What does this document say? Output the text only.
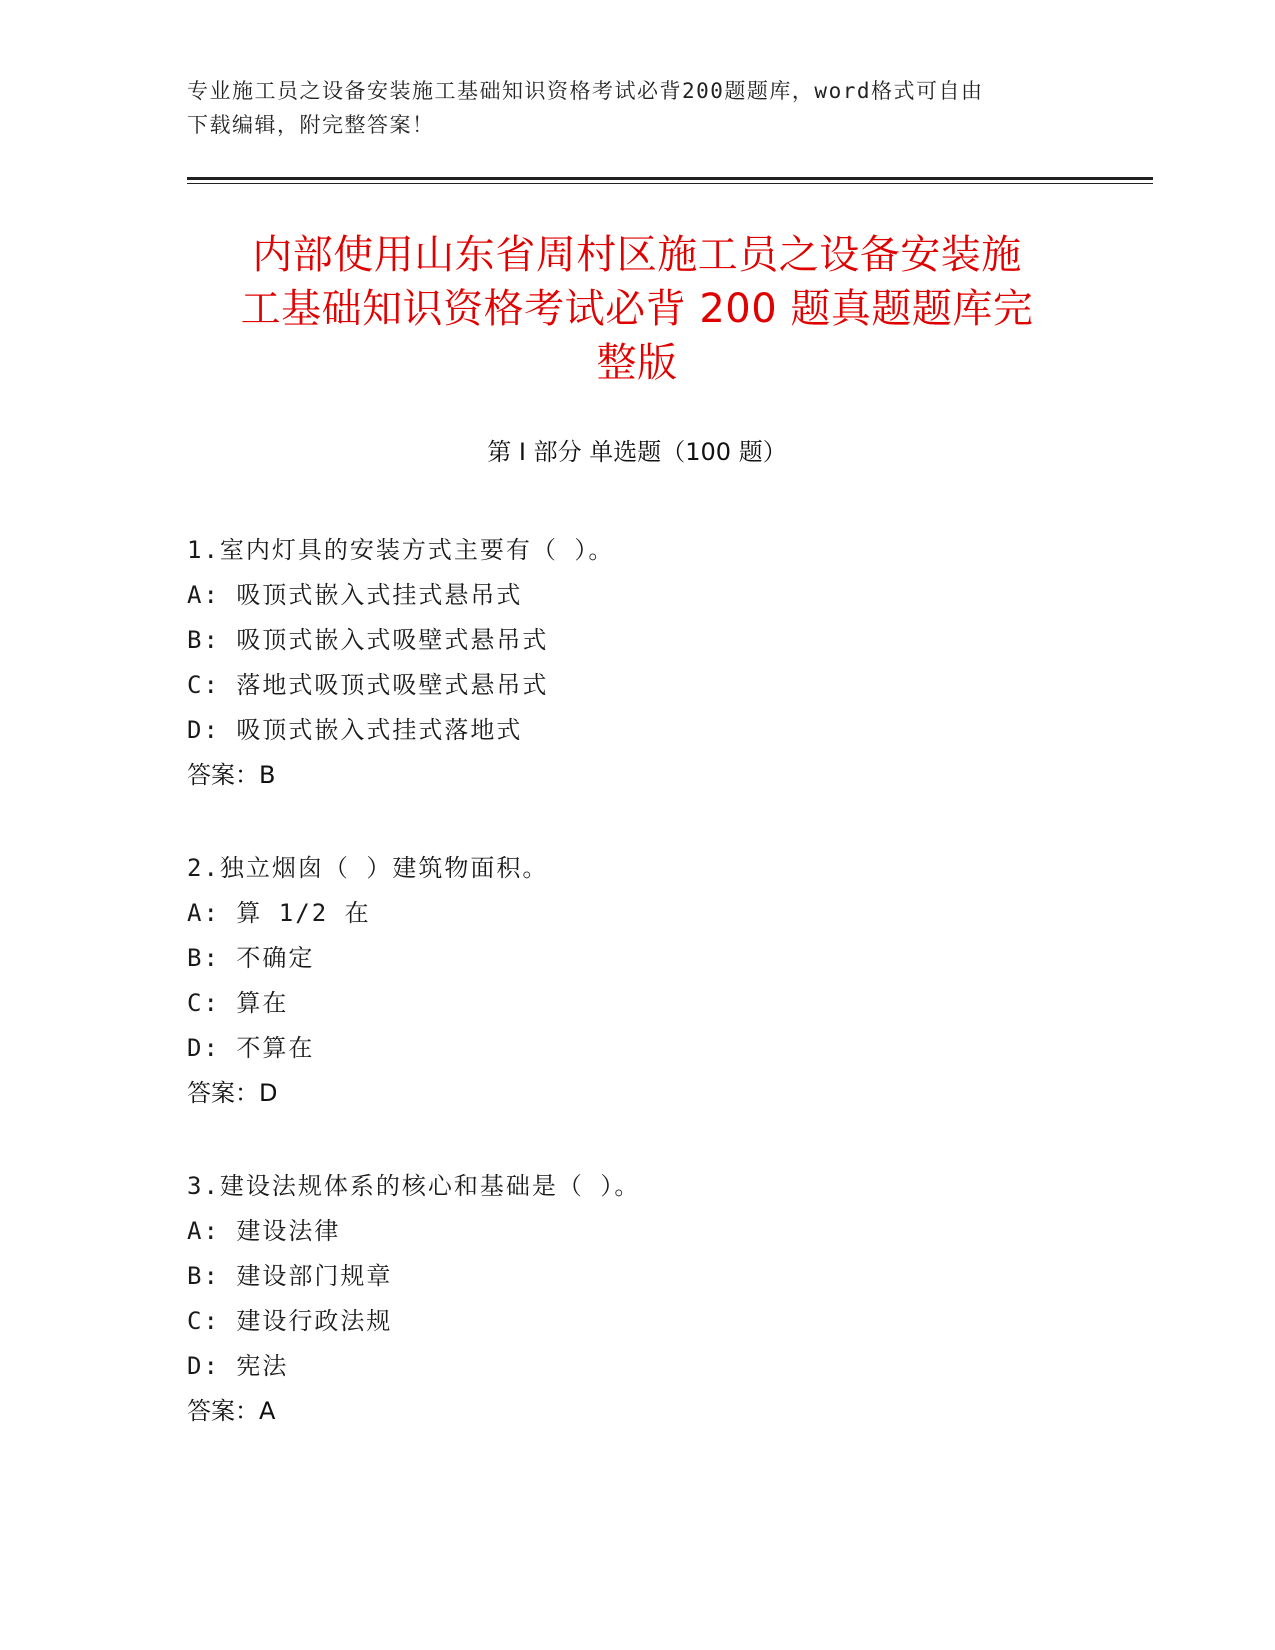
专业施工员之设备安装施工基础知识资格考试必背200题题库，word格式可自由
下载编辑，附完整答案！
内部使用山东省周村区施工员之设备安装施
工基础知识资格考试必背 200 题真题题库完
整版
第 I 部分 单选题（100 题）
1.室内灯具的安装方式主要有（ ）。
A: 吸顶式嵌入式挂式悬吊式
B: 吸顶式嵌入式吸壁式悬吊式
C: 落地式吸顶式吸壁式悬吊式
D: 吸顶式嵌入式挂式落地式
答案：B
2.独立烟囱（ ）建筑物面积。
A: 算 1/2 在
B: 不确定
C: 算在
D: 不算在
答案：D
3.建设法规体系的核心和基础是（ ）。
A: 建设法律
B: 建设部门规章
C: 建设行政法规
D: 宪法
答案：A
